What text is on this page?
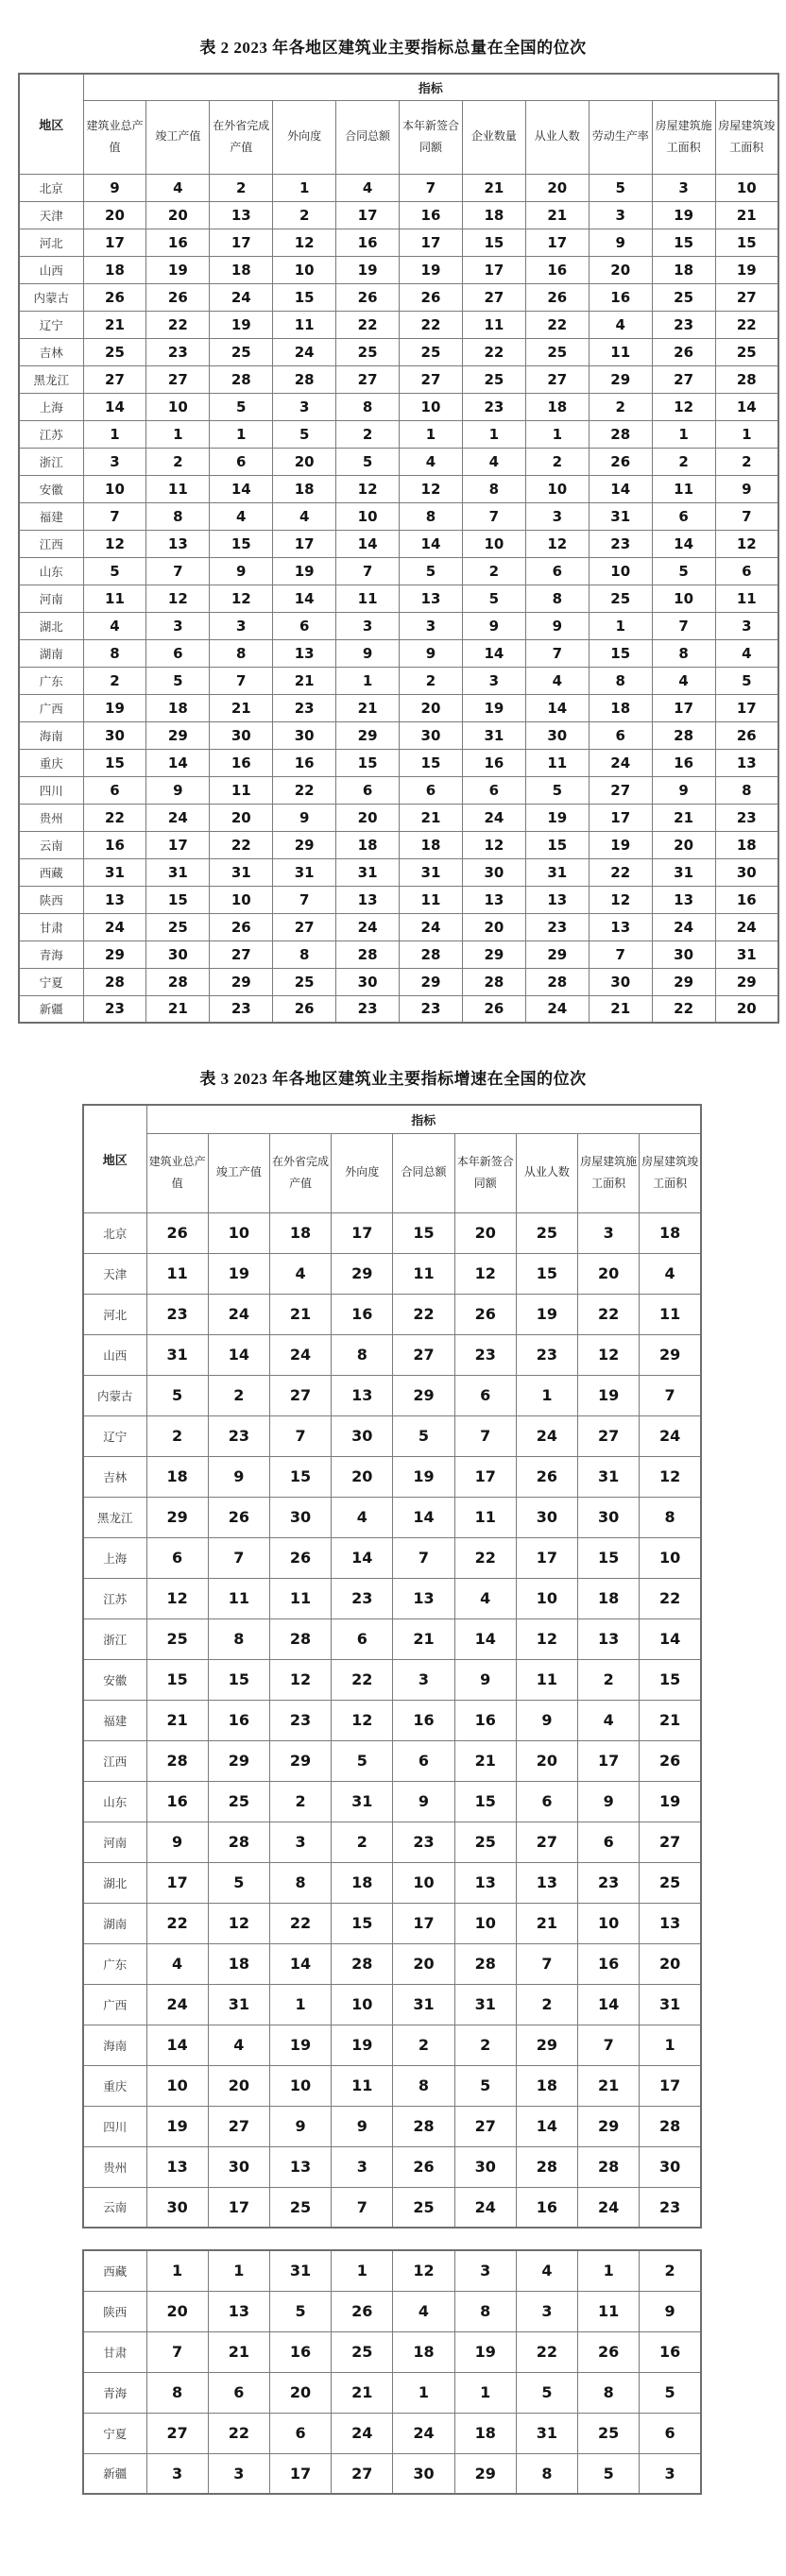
表 2 2023 年各地区建筑业主要指标总量在全国的位次
地区	指标										
	建筑业总产值	竣工产值	在外省完成产值	外向度	合同总额	本年新签合同额	企业数量	从业人数	劳动生产率	房屋建筑施工面积	房屋建筑竣工面积
北京	9	4	2	1	4	7	21	20	5	3	10
天津	20	20	13	2	17	16	18	21	3	19	21
河北	17	16	17	12	16	17	15	17	9	15	15
山西	18	19	18	10	19	19	17	16	20	18	19
内蒙古	26	26	24	15	26	26	27	26	16	25	27
辽宁	21	22	19	11	22	22	11	22	4	23	22
吉林	25	23	25	24	25	25	22	25	11	26	25
黑龙江	27	27	28	28	27	27	25	27	29	27	28
上海	14	10	5	3	8	10	23	18	2	12	14
江苏	1	1	1	5	2	1	1	1	28	1	1
浙江	3	2	6	20	5	4	4	2	26	2	2
安徽	10	11	14	18	12	12	8	10	14	11	9
福建	7	8	4	4	10	8	7	3	31	6	7
江西	12	13	15	17	14	14	10	12	23	14	12
山东	5	7	9	19	7	5	2	6	10	5	6
河南	11	12	12	14	11	13	5	8	25	10	11
湖北	4	3	3	6	3	3	9	9	1	7	3
湖南	8	6	8	13	9	9	14	7	15	8	4
广东	2	5	7	21	1	2	3	4	8	4	5
广西	19	18	21	23	21	20	19	14	18	17	17
海南	30	29	30	30	29	30	31	30	6	28	26
重庆	15	14	16	16	15	15	16	11	24	16	13
四川	6	9	11	22	6	6	6	5	27	9	8
贵州	22	24	20	9	20	21	24	19	17	21	23
云南	16	17	22	29	18	18	12	15	19	20	18
西藏	31	31	31	31	31	31	30	31	22	31	30
陕西	13	15	10	7	13	11	13	13	12	13	16
甘肃	24	25	26	27	24	24	20	23	13	24	24
青海	29	30	27	8	28	28	29	29	7	30	31
宁夏	28	28	29	25	30	29	28	28	30	29	29
新疆	23	21	23	26	23	23	26	24	21	22	20
表 3 2023 年各地区建筑业主要指标增速在全国的位次
地区	指标								
	建筑业总产值	竣工产值	在外省完成产值	外向度	合同总额	本年新签合同额	从业人数	房屋建筑施工面积	房屋建筑竣工面积
北京	26	10	18	17	15	20	25	3	18
天津	11	19	4	29	11	12	15	20	4
河北	23	24	21	16	22	26	19	22	11
山西	31	14	24	8	27	23	23	12	29
内蒙古	5	2	27	13	29	6	1	19	7
辽宁	2	23	7	30	5	7	24	27	24
吉林	18	9	15	20	19	17	26	31	12
黑龙江	29	26	30	4	14	11	30	30	8
上海	6	7	26	14	7	22	17	15	10
江苏	12	11	11	23	13	4	10	18	22
浙江	25	8	28	6	21	14	12	13	14
安徽	15	15	12	22	3	9	11	2	15
福建	21	16	23	12	16	16	9	4	21
江西	28	29	29	5	6	21	20	17	26
山东	16	25	2	31	9	15	6	9	19
河南	9	28	3	2	23	25	27	6	27
湖北	17	5	8	18	10	13	13	23	25
湖南	22	12	22	15	17	10	21	10	13
广东	4	18	14	28	20	28	7	16	20
广西	24	31	1	10	31	31	2	14	31
海南	14	4	19	19	2	2	29	7	1
重庆	10	20	10	11	8	5	18	21	17
四川	19	27	9	9	28	27	14	29	28
贵州	13	30	13	3	26	30	28	28	30
云南	30	17	25	7	25	24	16	24	23
西藏	1	1	31	1	12	3	4	1	2
陕西	20	13	5	26	4	8	3	11	9
甘肃	7	21	16	25	18	19	22	26	16
青海	8	6	20	21	1	1	5	8	5
宁夏	27	22	6	24	24	18	31	25	6
新疆	3	3	17	27	30	29	8	5	3
